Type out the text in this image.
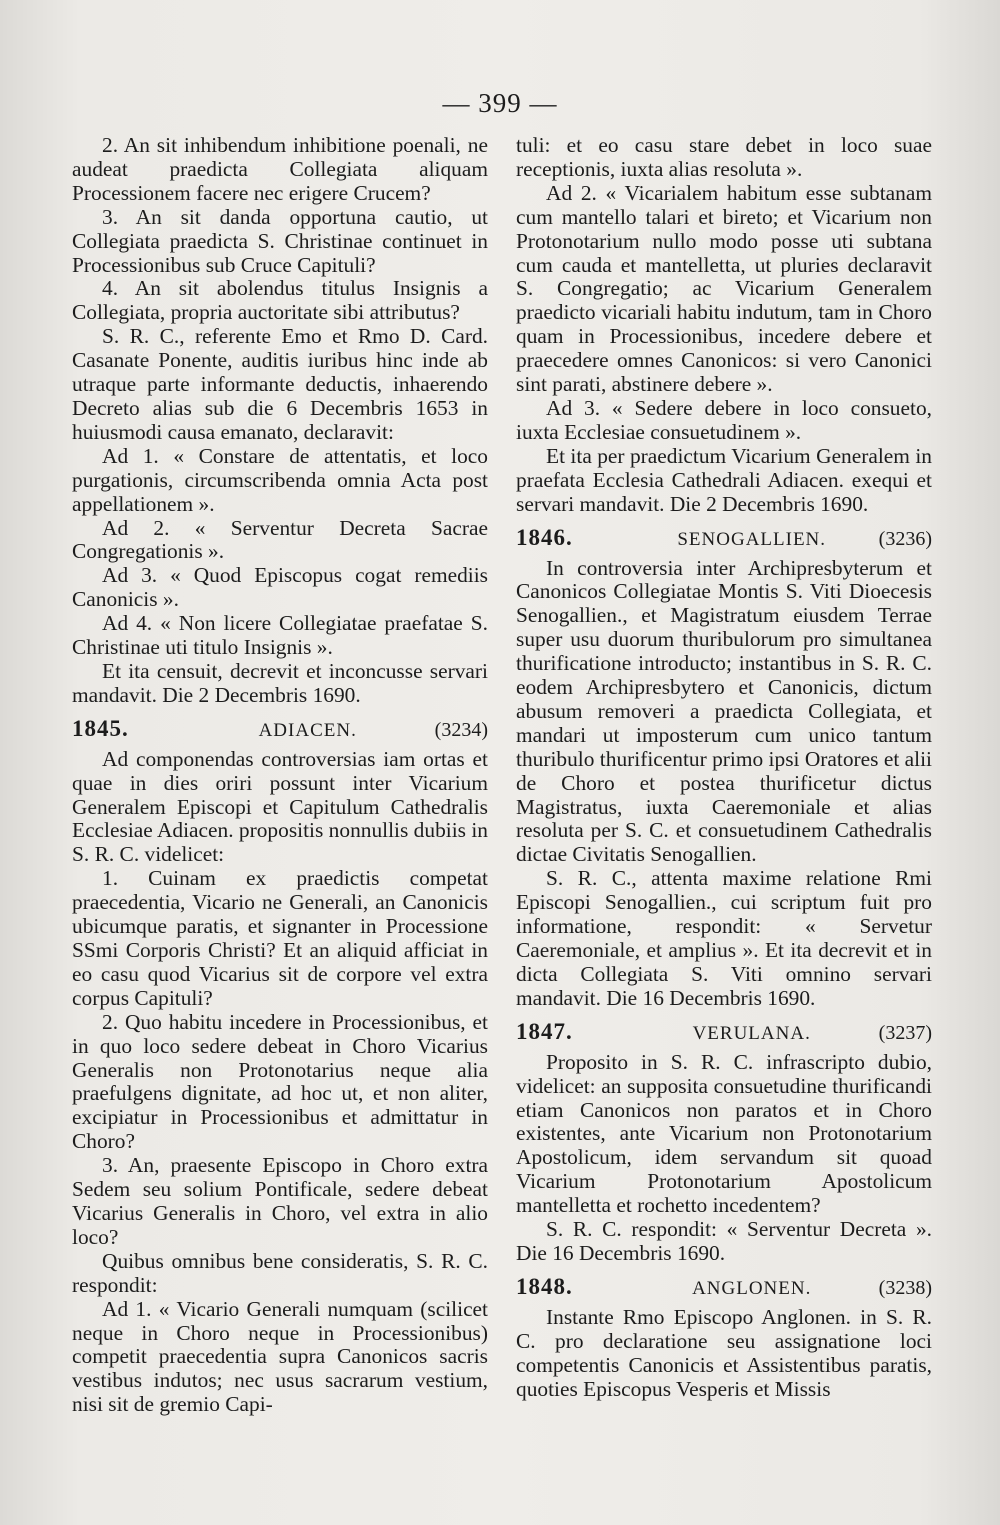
— 399 —

2. An sit inhibendum inhibitione poenali, ne audeat praedicta Collegiata aliquam Processionem facere nec erigere Crucem?

3. An sit danda opportuna cautio, ut Collegiata praedicta S. Christinae continuet in Processionibus sub Cruce Capituli?

4. An sit abolendus titulus Insignis a Collegiata, propria auctoritate sibi attributus?

S. R. C., referente Emo et Rmo D. Card. Casanate Ponente, auditis iuribus hinc inde ab utraque parte informante deductis, inhaerendo Decreto alias sub die 6 Decembris 1653 in huiusmodi causa emanato, declaravit:

Ad 1. « Constare de attentatis, et loco purgationis, circumscribenda omnia Acta post appellationem ».

Ad 2. « Serventur Decreta Sacrae Congregationis ».

Ad 3. « Quod Episcopus cogat remediis Canonicis ».

Ad 4. « Non licere Collegiatae praefatae S. Christinae uti titulo Insignis ».

Et ita censuit, decrevit et inconcusse servari mandavit. Die 2 Decembris 1690.

1845.	ADIACEN.	(3234)

Ad componendas controversias iam ortas et quae in dies oriri possunt inter Vicarium Generalem Episcopi et Capitulum Cathedralis Ecclesiae Adiacen. propositis nonnullis dubiis in S. R. C. videlicet:

1. Cuinam ex praedictis competat praecedentia, Vicario ne Generali, an Canonicis ubicumque paratis, et signanter in Processione SSmi Corporis Christi? Et an aliquid afficiat in eo casu quod Vicarius sit de corpore vel extra corpus Capituli?

2. Quo habitu incedere in Processionibus, et in quo loco sedere debeat in Choro Vicarius Generalis non Protonotarius neque alia praefulgens dignitate, ad hoc ut, et non aliter, excipiatur in Processionibus et admittatur in Choro?

3. An, praesente Episcopo in Choro extra Sedem seu solium Pontificale, sedere debeat Vicarius Generalis in Choro, vel extra in alio loco?

Quibus omnibus bene consideratis, S. R. C. respondit:

Ad 1. « Vicario Generali numquam (scilicet neque in Choro neque in Processionibus) competit praecedentia supra Canonicos sacris vestibus indutos; nec usus sacrarum vestium, nisi sit de gremio Capi-

tuli: et eo casu stare debet in loco suae receptionis, iuxta alias resoluta ».

Ad 2. « Vicarialem habitum esse subtanam cum mantello talari et bireto; et Vicarium non Protonotarium nullo modo posse uti subtana cum cauda et mantelletta, ut pluries declaravit S. Congregatio; ac Vicarium Generalem praedicto vicariali habitu indutum, tam in Choro quam in Processionibus, incedere debere et praecedere omnes Canonicos: si vero Canonici sint parati, abstinere debere ».

Ad 3. « Sedere debere in loco consueto, iuxta Ecclesiae consuetudinem ».

Et ita per praedictum Vicarium Generalem in praefata Ecclesia Cathedrali Adiacen. exequi et servari mandavit. Die 2 Decembris 1690.

1846.	SENOGALLIEN.	(3236)

In controversia inter Archipresbyterum et Canonicos Collegiatae Montis S. Viti Dioecesis Senogallien., et Magistratum eiusdem Terrae super usu duorum thuribulorum pro simultanea thurificatione introducto; instantibus in S. R. C. eodem Archipresbytero et Canonicis, dictum abusum removeri a praedicta Collegiata, et mandari ut imposterum cum unico tantum thuribulo thurificentur primo ipsi Oratores et alii de Choro et postea thurificetur dictus Magistratus, iuxta Caeremoniale et alias resoluta per S. C. et consuetudinem Cathedralis dictae Civitatis Senogallien.

S. R. C., attenta maxime relatione Rmi Episcopi Senogallien., cui scriptum fuit pro informatione, respondit: « Servetur Caeremoniale, et amplius ». Et ita decrevit et in dicta Collegiata S. Viti omnino servari mandavit. Die 16 Decembris 1690.

1847.	VERULANA.	(3237)

Proposito in S. R. C. infrascripto dubio, videlicet: an supposita consuetudine thurificandi etiam Canonicos non paratos et in Choro existentes, ante Vicarium non Protonotarium Apostolicum, idem servandum sit quoad Vicarium Protonotarium Apostolicum mantelletta et rochetto incedentem?

S. R. C. respondit: « Serventur Decreta ». Die 16 Decembris 1690.

1848.	ANGLONEN.	(3238)

Instante Rmo Episcopo Anglonen. in S. R. C. pro declaratione seu assignatione loci competentis Canonicis et Assistentibus paratis, quoties Episcopus Vesperis et Missis
